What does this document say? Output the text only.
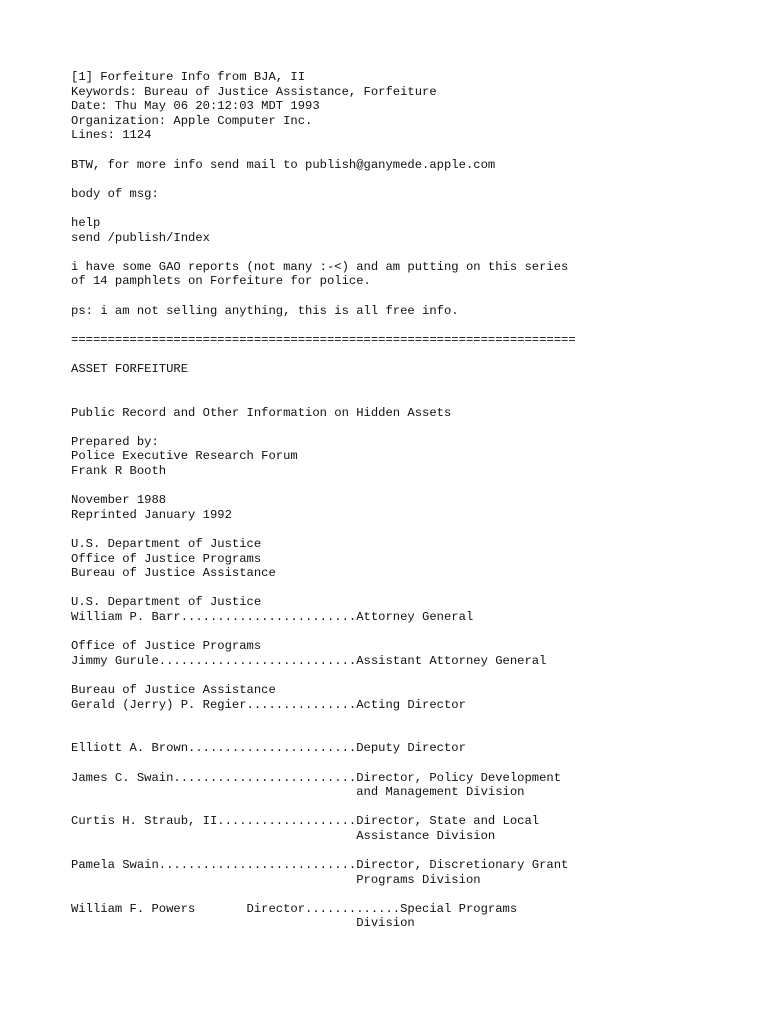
[1] Forfeiture Info from BJA, II
Keywords: Bureau of Justice Assistance, Forfeiture
Date: Thu May 06 20:12:03 MDT 1993
Organization: Apple Computer Inc.
Lines: 1124
BTW, for more info send mail to publish@ganymede.apple.com
body of msg:
help
send /publish/Index
i have some GAO reports (not many :-<) and am putting on this series
of 14 pamphlets on Forfeiture for police.
ps: i am not selling anything, this is all free info.
=====================================================================
ASSET FORFEITURE
Public Record and Other Information on Hidden Assets
Prepared by:
Police Executive Research Forum
Frank R Booth
November 1988
Reprinted January 1992
U.S. Department of Justice
Office of Justice Programs
Bureau of Justice Assistance
U.S. Department of Justice
William P. Barr........................Attorney General
Office of Justice Programs
Jimmy Gurule...........................Assistant Attorney General
Bureau of Justice Assistance
Gerald (Jerry) P. Regier...............Acting Director
Elliott A. Brown.......................Deputy Director
James C. Swain.........................Director, Policy Development
and Management Division
Curtis H. Straub, II...................Director, State and Local
Assistance Division
Pamela Swain...........................Director, Discretionary Grant
Programs Division
William F. Powers       Director.............Special Programs
Division
